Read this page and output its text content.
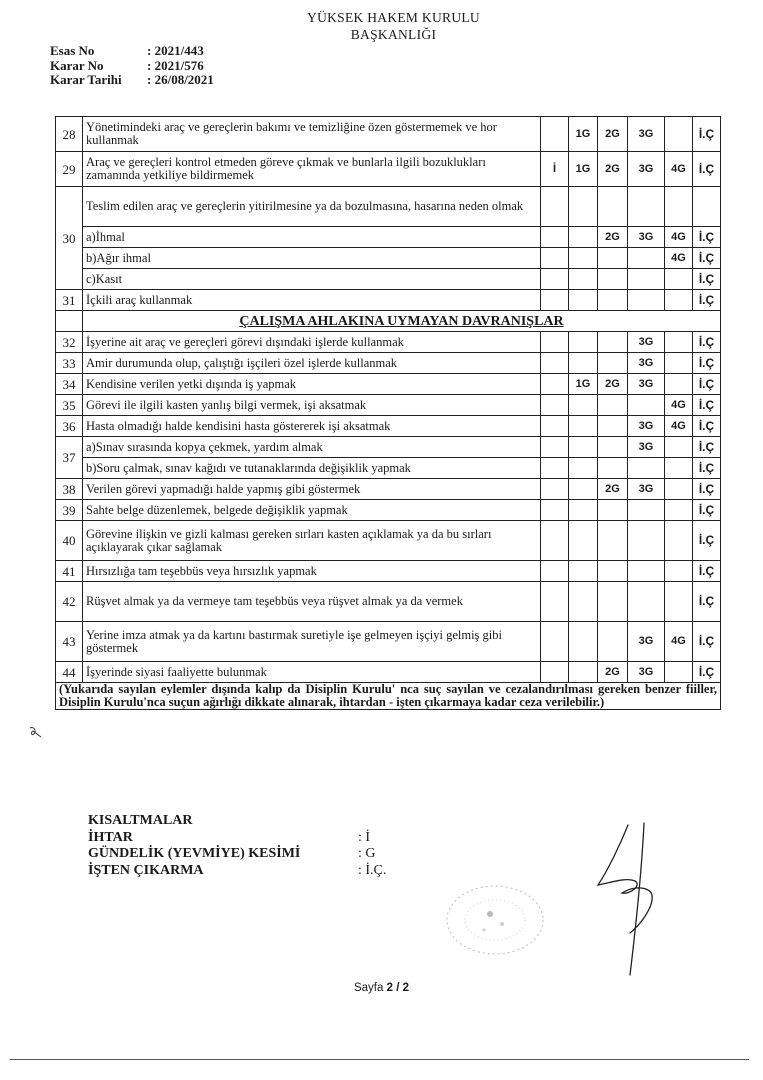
YÜKSEK HAKEM KURULU
BAŞKANLIĞI
Esas No	: 2021/443
Karar No	: 2021/576
Karar Tarihi	: 26/08/2021
28	Yönetimindeki araç ve gereçlerin bakımı ve temizliğine özen göstermemek ve hor kullanmak		1G	2G	3G		İ.Ç
29	Araç ve gereçleri kontrol etmeden göreve çıkmak ve bunlarla ilgili bozuklukları zamanında yetkiliye bildirmemek	İ	1G	2G	3G	4G	İ.Ç
30	Teslim edilen araç ve gereçlerin yitirilmesine ya da bozulmasına, hasarına neden olmak						
	a)İhmal			2G	3G	4G	İ.Ç
	b)Ağır ihmal					4G	İ.Ç
	c)Kasıt						İ.Ç
31	İçkili araç kullanmak						İ.Ç
	ÇALIŞMA AHLAKINA UYMAYAN DAVRANIŞLAR						
32	İşyerine ait araç ve gereçleri görevi dışındaki işlerde kullanmak				3G		İ.Ç
33	Amir durumunda olup, çalıştığı işçileri özel işlerde kullanmak				3G		İ.Ç
34	Kendisine verilen yetki dışında iş yapmak		1G	2G	3G		İ.Ç
35	Görevi ile ilgili kasten yanlış bilgi vermek, işi aksatmak					4G	İ.Ç
36	Hasta olmadığı halde kendisini hasta göstererek işi aksatmak				3G	4G	İ.Ç
37	a)Sınav sırasında kopya çekmek, yardım almak				3G		İ.Ç
	b)Soru çalmak, sınav kağıdı ve tutanaklarında değişiklik yapmak						İ.Ç
38	Verilen görevi yapmadığı halde yapmış gibi göstermek			2G	3G		İ.Ç
39	Sahte belge düzenlemek, belgede değişiklik yapmak						İ.Ç
40	Görevine ilişkin ve gizli kalması gereken sırları kasten açıklamak ya da bu sırları açıklayarak çıkar sağlamak						İ.Ç
41	Hırsızlığa tam teşebbüs veya hırsızlık yapmak						İ.Ç
42	Rüşvet almak ya da vermeye tam teşebbüs veya rüşvet almak ya da vermek						İ.Ç
43	Yerine imza atmak ya da kartını bastırmak suretiyle işe gelmeyen işçiyi gelmiş gibi göstermek				3G	4G	İ.Ç
44	İşyerinde siyasi faaliyette bulunmak			2G	3G		İ.Ç
(Yukarıda sayılan eylemler dışında kalıp da Disiplin Kurulu' nca suç sayılan ve cezalandırılması gereken benzer fiiller, Disiplin Kurulu'nca suçun ağırlığı dikkate alınarak, ihtardan - işten çıkarmaya kadar ceza verilebilir.)							
KISALTMALAR
İHTAR	: İ
GÜNDELİK (YEVMİYE) KESİMİ	: G
İŞTEN ÇIKARMA	: İ.Ç.
Sayfa 2 / 2
